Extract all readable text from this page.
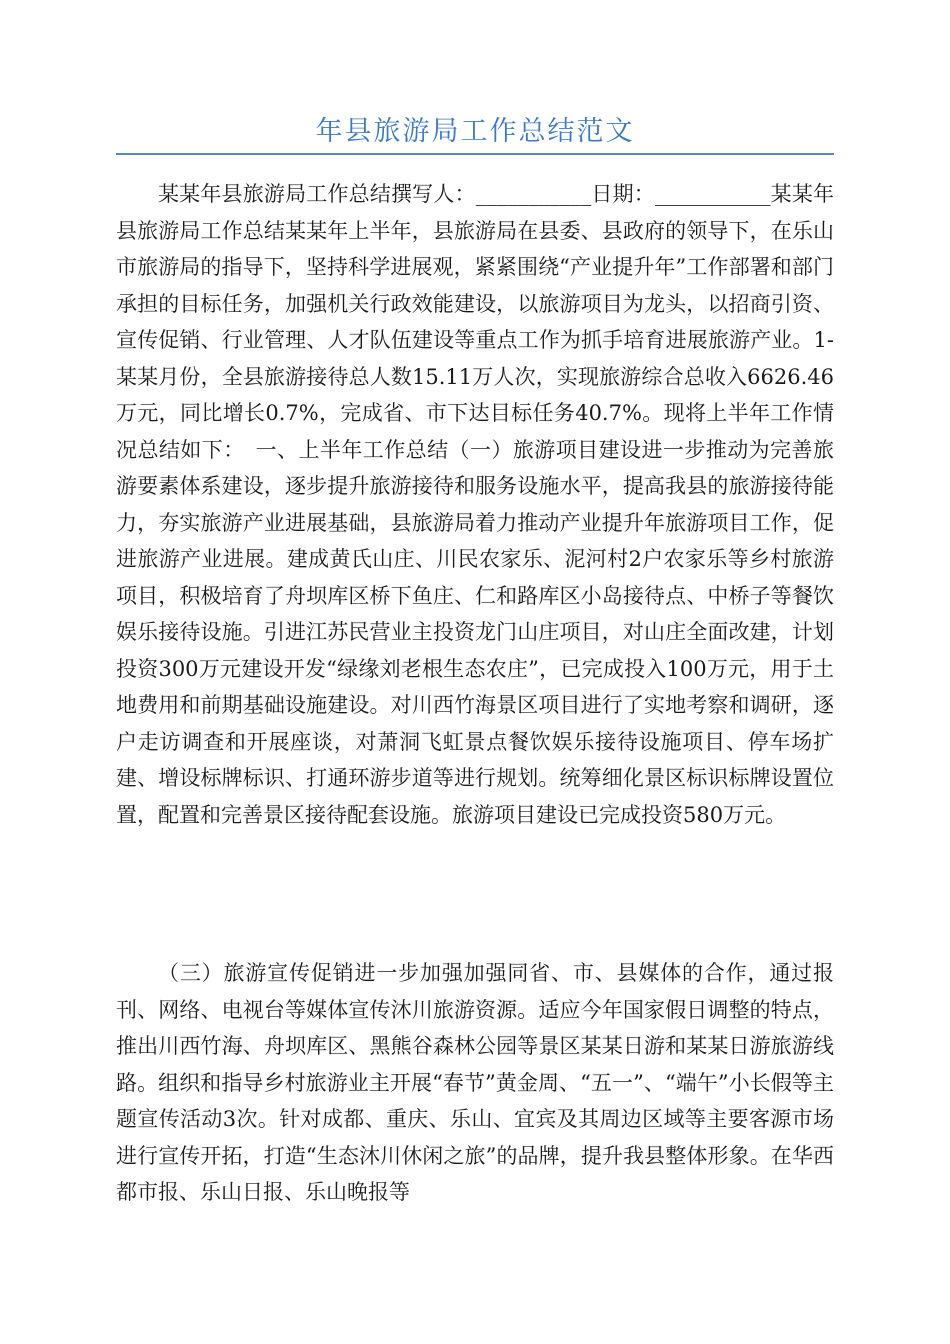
年县旅游局工作总结范文

某某年县旅游局工作总结撰写人：___________日期：___________某某年县旅游局工作总结某某年上半年，县旅游局在县委、县政府的领导下，在乐山市旅游局的指导下，坚持科学进展观，紧紧围绕“产业提升年”工作部署和部门承担的目标任务，加强机关行政效能建设，以旅游项目为龙头，以招商引资、宣传促销、行业管理、人才队伍建设等重点工作为抓手培育进展旅游产业。1-某某月份，全县旅游接待总人数15.11万人次，实现旅游综合总收入6626.46万元，同比增长0.7%，完成省、市下达目标任务40.7%。现将上半年工作情况总结如下：　一、上半年工作总结（一）旅游项目建设进一步推动为完善旅游要素体系建设，逐步提升旅游接待和服务设施水平，提高我县的旅游接待能力，夯实旅游产业进展基础，县旅游局着力推动产业提升年旅游项目工作，促进旅游产业进展。建成黄氏山庄、川民农家乐、泥河村2户农家乐等乡村旅游项目，积极培育了舟坝库区桥下鱼庄、仁和路库区小岛接待点、中桥子等餐饮娱乐接待设施。引进江苏民营业主投资龙门山庄项目，对山庄全面改建，计划投资300万元建设开发“绿缘刘老根生态农庄”，已完成投入100万元，用于土地费用和前期基础设施建设。对川西竹海景区项目进行了实地考察和调研，逐户走访调查和开展座谈，对萧洞飞虹景点餐饮娱乐接待设施项目、停车场扩建、增设标牌标识、打通环游步道等进行规划。统筹细化景区标识标牌设置位置，配置和完善景区接待配套设施。旅游项目建设已完成投资580万元。

（三）旅游宣传促销进一步加强加强同省、市、县媒体的合作，通过报刊、网络、电视台等媒体宣传沐川旅游资源。适应今年国家假日调整的特点，推出川西竹海、舟坝库区、黑熊谷森林公园等景区某某日游和某某日游旅游线路。组织和指导乡村旅游业主开展“春节”黄金周、“五一”、“端午”小长假等主题宣传活动3次。针对成都、重庆、乐山、宜宾及其周边区域等主要客源市场进行宣传开拓，打造“生态沐川休闲之旅”的品牌，提升我县整体形象。在华西都市报、乐山日报、乐山晚报等
